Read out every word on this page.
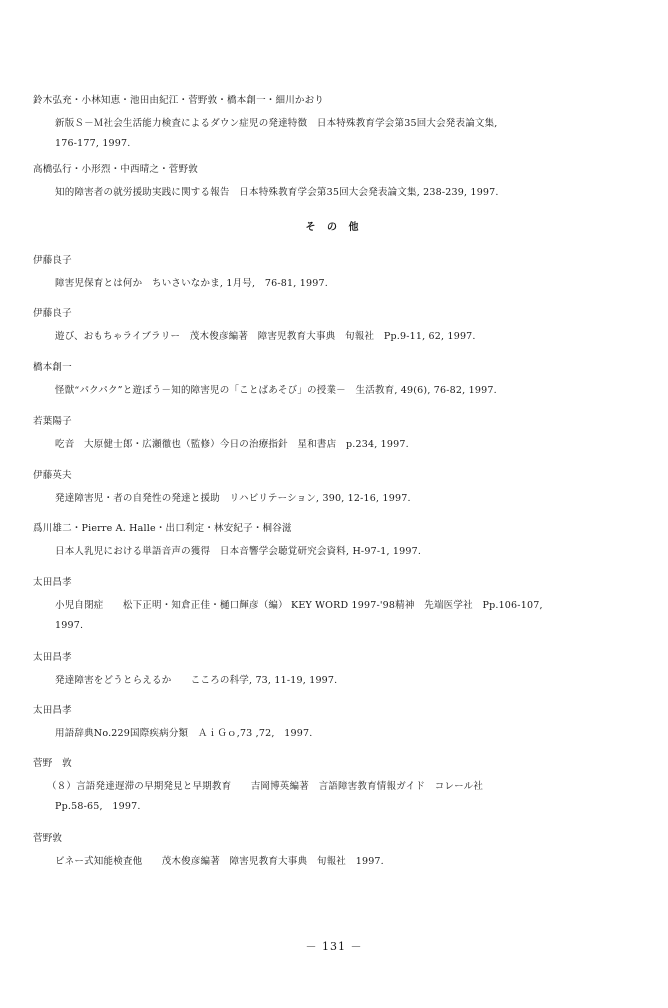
鈴木弘充・小林知恵・池田由紀江・菅野敦・橋本創一・細川かおり
新版Ｓ－Ｍ社会生活能力検査によるダウン症児の発達特徴　日本特殊教育学会第35回大会発表論文集,
176-177, 1997.
高橋弘行・小形烈・中西晴之・菅野敦
知的障害者の就労援助実践に関する報告　日本特殊教育学会第35回大会発表論文集, 238-239, 1997.
そ の 他
伊藤良子
障害児保育とは何か　ちいさいなかま, 1月号,　76-81, 1997.
伊藤良子
遊び、おもちゃライブラリー　茂木俊彦編著　障害児教育大事典　旬報社　Pp.9-11, 62, 1997.
橋本創一
怪獣“パクパク”と遊ぼう－知的障害児の「ことばあそび」の授業－　生活教育, 49(6), 76-82, 1997.
若葉陽子
吃音　大原健士郎・広瀬徹也（監修）今日の治療指針　星和書店　p.234, 1997.
伊藤英夫
発達障害児・者の自発性の発達と援助　リハビリテーション, 390, 12-16, 1997.
爲川雄二・Pierre A. Halle・出口利定・林安紀子・桐谷滋
日本人乳児における単語音声の獲得　日本音響学会聴覚研究会資料, H-97-1, 1997.
太田昌孝
小児自閉症　　松下正明・知倉正佳・樋口輝彦（編） KEY WORD 1997-'98精神　先端医学社　Pp.106-107,
1997.
太田昌孝
発達障害をどうとらえるか　　こころの科学, 73, 11-19, 1997.
太田昌孝
用語辞典No.229国際疾病分類　ＡｉＧｏ,73 ,72,　1997.
菅野　敦
（８）言語発達遅滞の早期発見と早期教育　　吉岡博英編著　言語障害教育情報ガイド　コレール社
Pp.58-65,　1997.
菅野敦
ビネー式知能検査他　　茂木俊彦編著　障害児教育大事典　旬報社　1997.
－ 131 －
